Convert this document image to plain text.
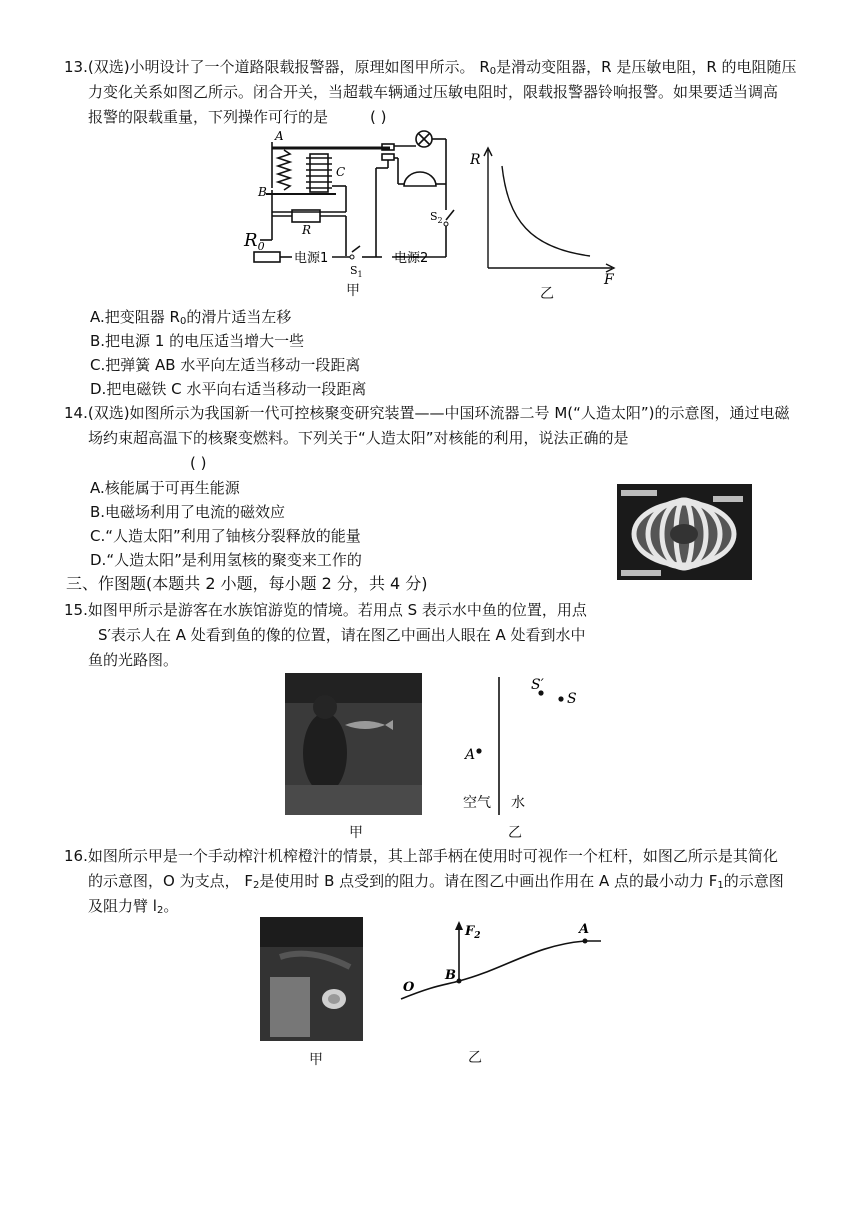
13.(双选)小明设计了一个道路限载报警器，原理如图甲所示。 $R_0$是滑动变阻器，R 是压敏电阻，R 的电阻随压
力变化关系如图乙所示。闭合开关，当超载车辆通过压敏电阻时，限载报警器铃响报警。如果要适当调高
报警的限载重量，下列操作可行的是	( )
A
B
C
R
$R_0$
电源1	电源2
$S_1$
$S_2$
甲
R
F
乙
A.把变阻器 $R_0$的滑片适当左移
B.把电源 1 的电压适当增大一些
C.把弹簧 AB 水平向左适当移动一段距离
D.把电磁铁 C 水平向右适当移动一段距离
14.(双选)如图所示为我国新一代可控核聚变研究装置——中国环流器二号 M(“人造太阳”)的示意图，通过电磁
场约束超高温下的核聚变燃料。下列关于“人造太阳”对核能的利用，说法正确的是
( )
A.核能属于可再生能源
B.电磁场利用了电流的磁效应
C.“人造太阳”利用了铀核分裂释放的能量
D.“人造太阳”是利用氢核的聚变来工作的
三、作图题(本题共 2 小题，每小题 2 分，共 4 分)
15.如图甲所示是游客在水族馆游览的情境。若用点 S 表示水中鱼的位置，用点
S′表示人在 A 处看到鱼的像的位置，请在图乙中画出人眼在 A 处看到水中
鱼的光路图。
甲
S′
S
A
空气 水
乙
16.如图所示甲是一个手动榨汁机榨橙汁的情景，其上部手柄在使用时可视作一个杠杆，如图乙所示是其简化
的示意图，O 为支点， $F_2$是使用时 B 点受到的阻力。请在图乙中画出作用在 A 点的最小动力 $F_1$的示意图
及阻力臂 $l_2$。
甲
$F_2$
O
B
A
乙
